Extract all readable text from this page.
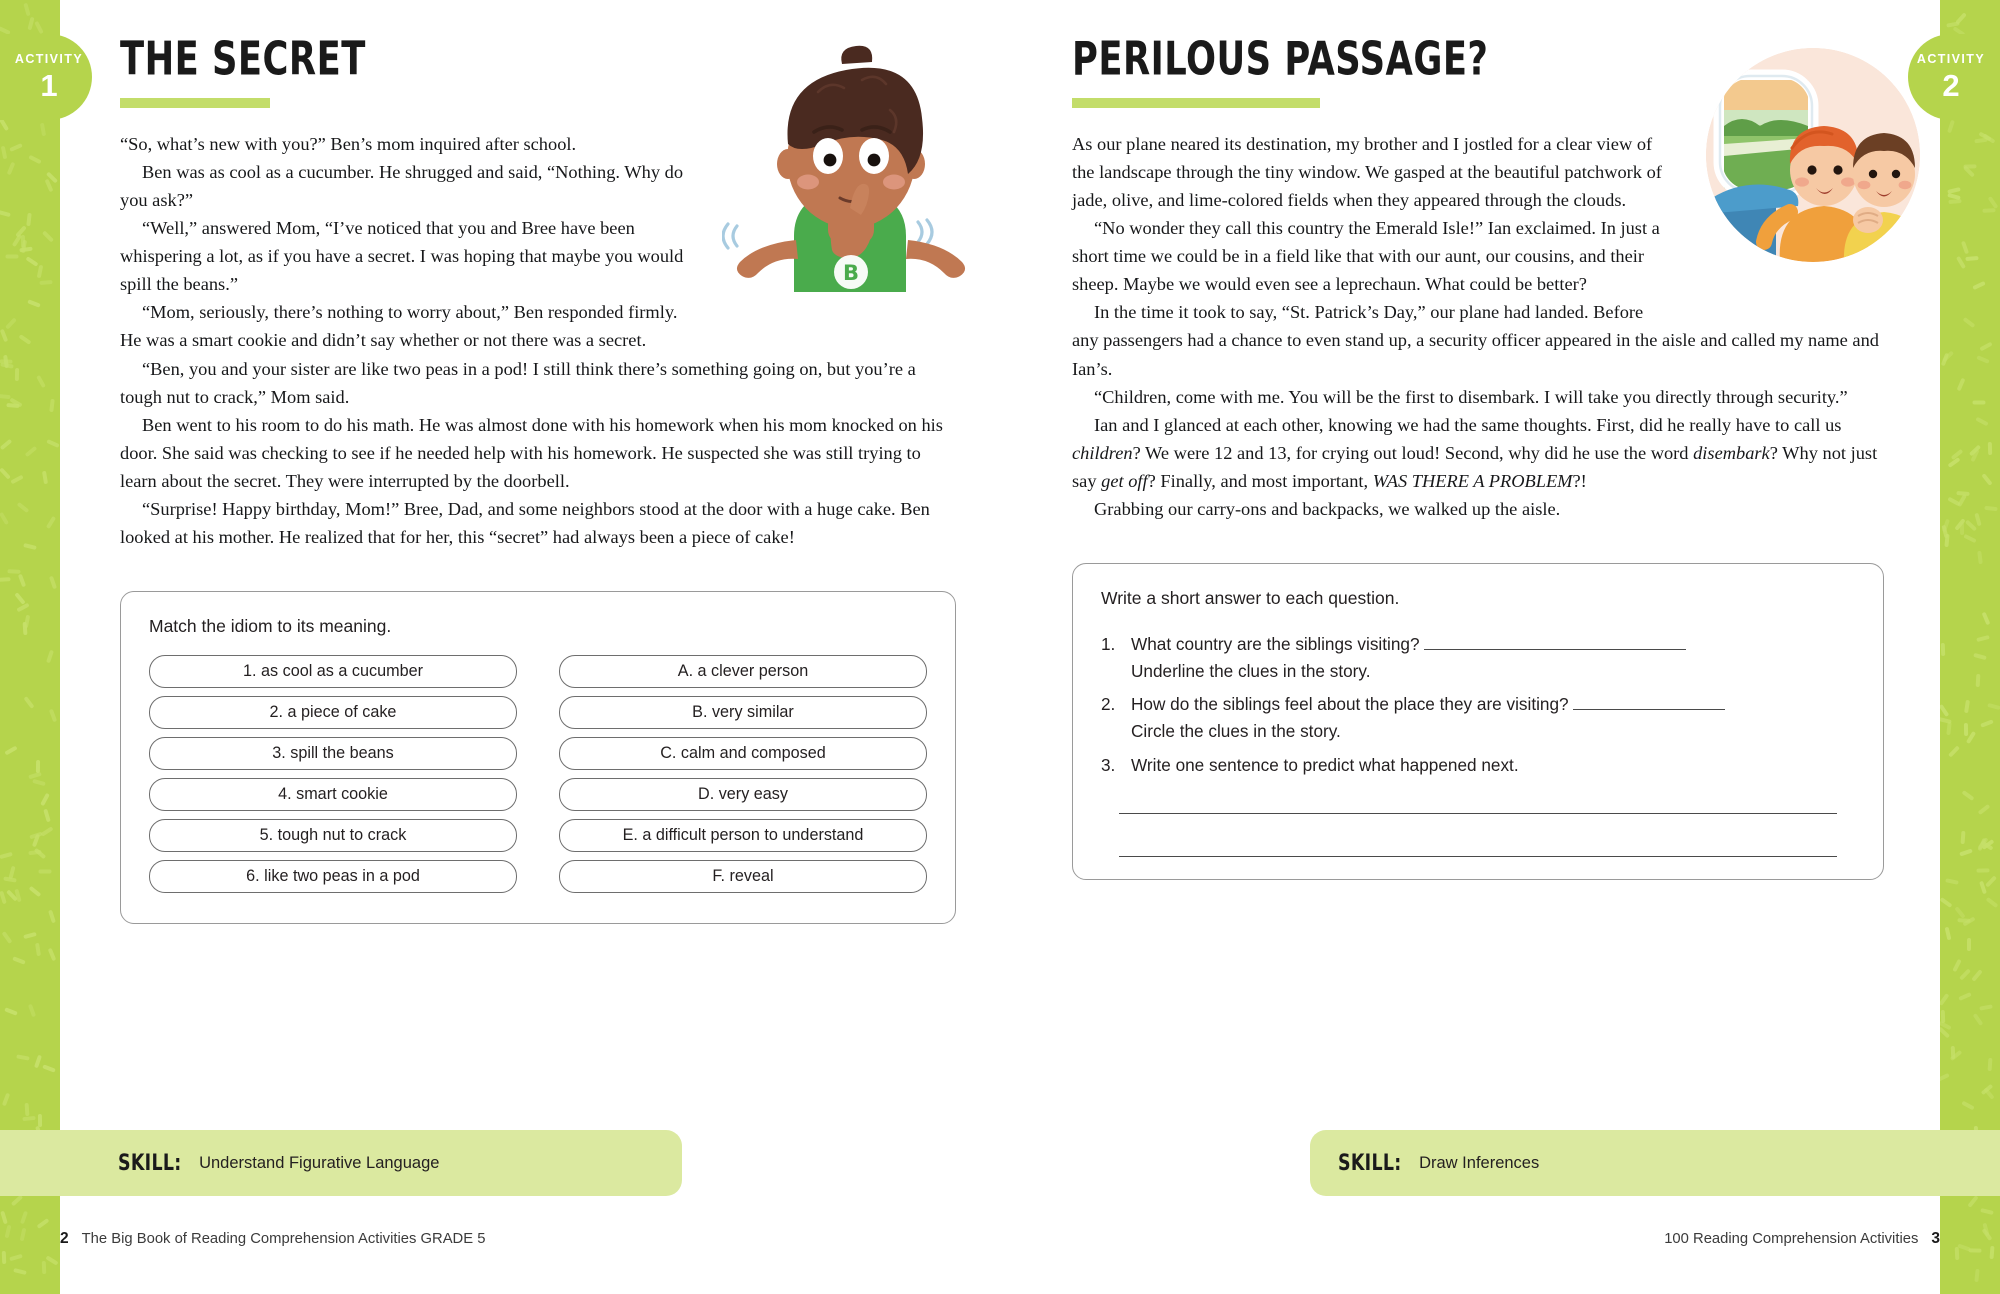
ACTIVITY
1
ACTIVITY
2
THE SECRET
B

“So, what’s new with you?” Ben’s mom inquired after school.

Ben was as cool as a cucumber. He shrugged and said, “Nothing. Why do you ask?”

“Well,” answered Mom, “I’ve noticed that you and Bree have been whispering a lot, as if you have a secret. I was hoping that maybe you would spill the beans.”

“Mom, seriously, there’s nothing to worry about,” Ben responded firmly. He was a smart cookie and didn’t say whether or not there was a secret.

“Ben, you and your sister are like two peas in a pod! I still think there’s something going on, but you’re a tough nut to crack,” Mom said.

Ben went to his room to do his math. He was almost done with his homework when his mom knocked on his door. She said was checking to see if he needed help with his homework. He suspected she was still trying to learn about the secret. They were interrupted by the doorbell.

“Surprise! Happy birthday, Mom!” Bree, Dad, and some neighbors stood at the door with a huge cake. Ben looked at his mother. He realized that for her, this “secret” had always been a piece of cake!

Match the idiom to its meaning.
1. as cool as a cucumber
2. a piece of cake
3. spill the beans
4. smart cookie
5. tough nut to crack
6. like two peas in a pod
A. a clever person
B. very similar
C. calm and composed
D. very easy
E. a difficult person to understand
F. reveal
SKILL: Understand Figurative Language
2 The Big Book of Reading Comprehension Activities GRADE 5
PERILOUS PASSAGE?

As our plane neared its destination, my brother and I jostled for a clear view of the landscape through the tiny window. We gasped at the beautiful patchwork of jade, olive, and lime-colored fields when they appeared through the clouds.

“No wonder they call this country the Emerald Isle!” Ian exclaimed. In just a short time we could be in a field like that with our aunt, our cousins, and their sheep. Maybe we would even see a leprechaun. What could be better?

In the time it took to say, “St. Patrick’s Day,” our plane had landed. Before any passengers had a chance to even stand up, a security officer appeared in the aisle and called my name and Ian’s.

“Children, come with me. You will be the first to disembark. I will take you directly through security.”

Ian and I glanced at each other, knowing we had the same thoughts. First, did he really have to call us children? We were 12 and 13, for crying out loud! Second, why did he use the word disembark? Why not just say get off? Finally, and most important, WAS THERE A PROBLEM?!

Grabbing our carry-ons and backpacks, we walked up the aisle.

Write a short answer to each question.
1. What country are the siblings visiting?
Underline the clues in the story.
2. How do the siblings feel about the place they are visiting?
Circle the clues in the story.
3. Write one sentence to predict what happened next.
SKILL: Draw Inferences
100 Reading Comprehension Activities 3
